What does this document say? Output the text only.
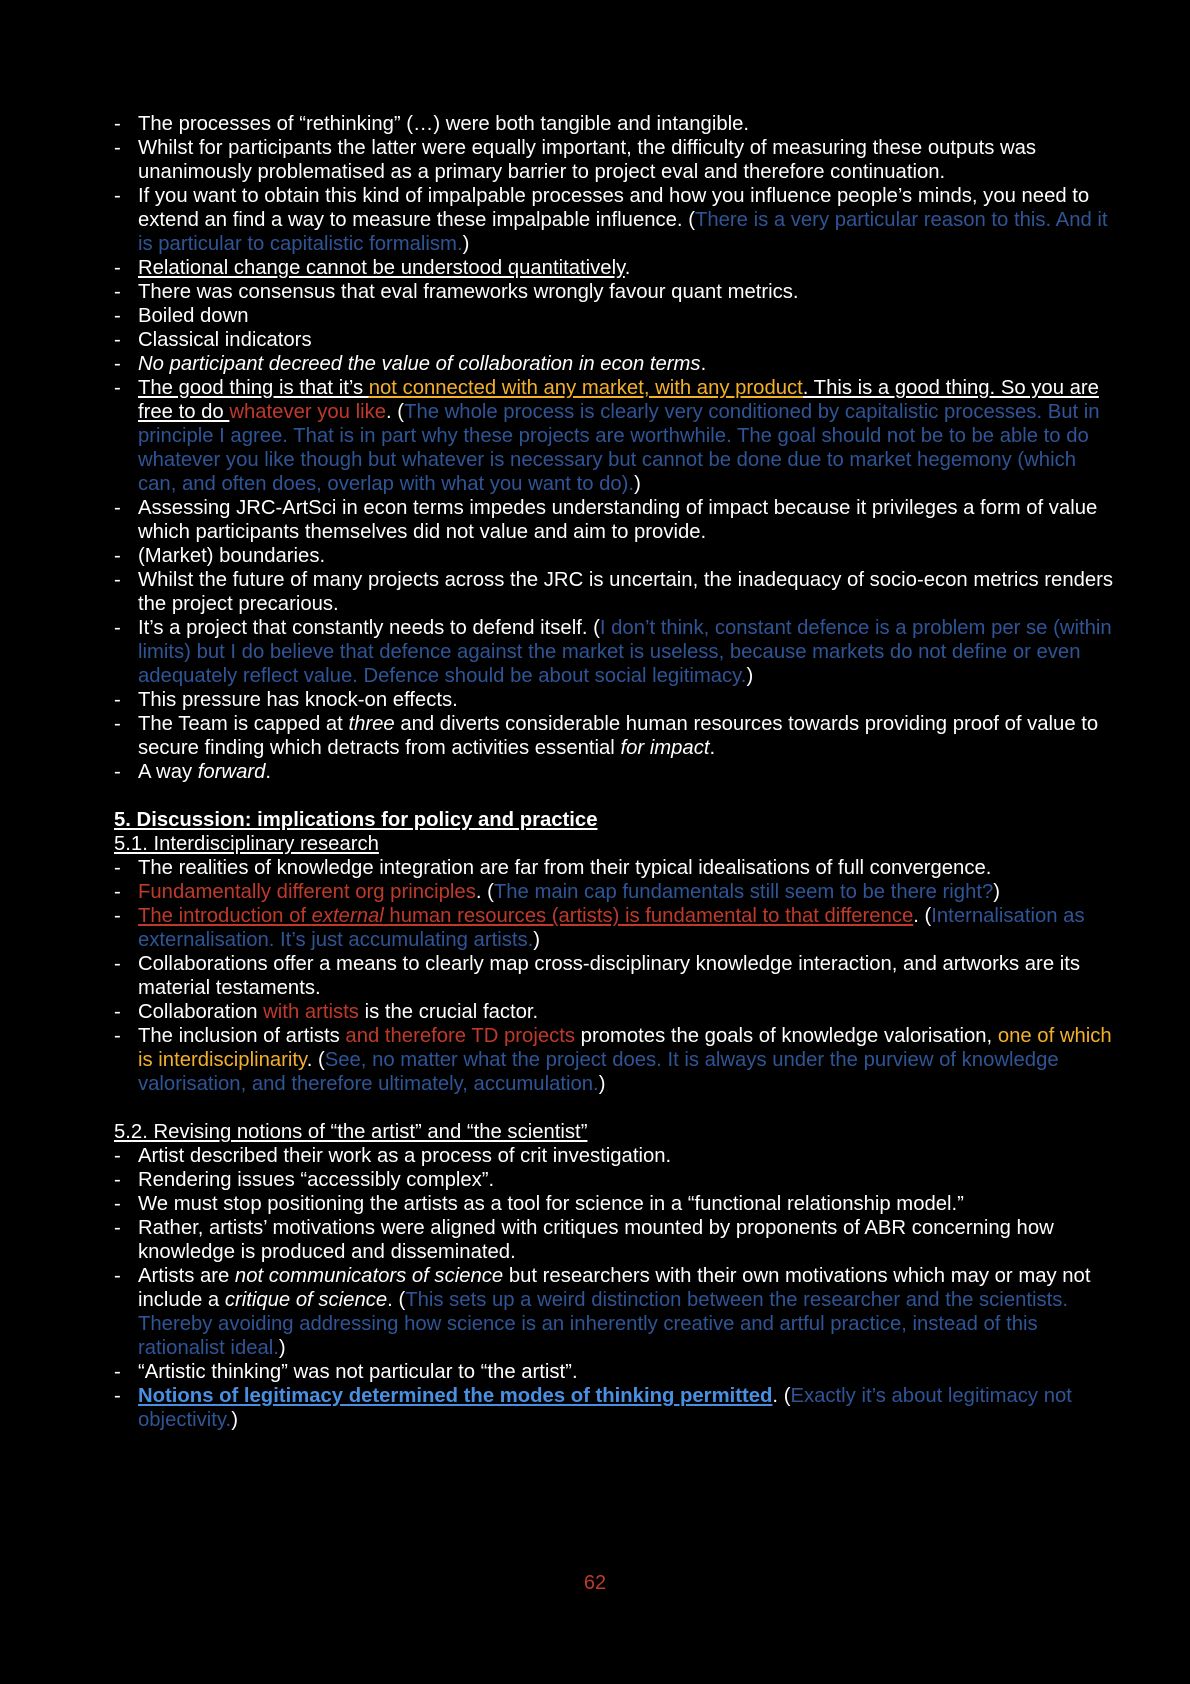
- The processes of “rethinking” (…) were both tangible and intangible.
- Whilst for participants the latter were equally important, the difficulty of measuring these outputs was unanimously problematised as a primary barrier to project eval and therefore continuation.
- If you want to obtain this kind of impalpable processes and how you influence people’s minds, you need to extend an find a way to measure these impalpable influence. (There is a very particular reason to this. And it is particular to capitalistic formalism.)
- Relational change cannot be understood quantitatively.
- There was consensus that eval frameworks wrongly favour quant metrics.
- Boiled down
- Classical indicators
- No participant decreed the value of collaboration in econ terms.
- The good thing is that it’s not connected with any market, with any product. This is a good thing. So you are free to do whatever you like. (The whole process is clearly very conditioned by capitalistic processes. But in principle I agree. That is in part why these projects are worthwhile. The goal should not be to be able to do whatever you like though but whatever is necessary but cannot be done due to market hegemony (which can, and often does, overlap with what you want to do).)
- Assessing JRC-ArtSci in econ terms impedes understanding of impact because it privileges a form of value which participants themselves did not value and aim to provide.
- (Market) boundaries.
- Whilst the future of many projects across the JRC is uncertain, the inadequacy of socio-econ metrics renders the project precarious.
- It’s a project that constantly needs to defend itself. (I don’t think, constant defence is a problem per se (within limits) but I do believe that defence against the market is useless, because markets do not define or even adequately reflect value. Defence should be about social legitimacy.)
- This pressure has knock-on effects.
- The Team is capped at three and diverts considerable human resources towards providing proof of value to secure finding which detracts from activities essential for impact.
- A way forward.
5. Discussion: implications for policy and practice
5.1. Interdisciplinary research
- The realities of knowledge integration are far from their typical idealisations of full convergence.
- Fundamentally different org principles. (The main cap fundamentals still seem to be there right?)
- The introduction of external human resources (artists) is fundamental to that difference. (Internalisation as externalisation. It’s just accumulating artists.)
- Collaborations offer a means to clearly map cross-disciplinary knowledge interaction, and artworks are its material testaments.
- Collaboration with artists is the crucial factor.
- The inclusion of artists and therefore TD projects promotes the goals of knowledge valorisation, one of which is interdisciplinarity. (See, no matter what the project does. It is always under the purview of knowledge valorisation, and therefore ultimately, accumulation.)
5.2. Revising notions of “the artist” and “the scientist”
- Artist described their work as a process of crit investigation.
- Rendering issues “accessibly complex”.
- We must stop positioning the artists as a tool for science in a “functional relationship model.”
- Rather, artists’ motivations were aligned with critiques mounted by proponents of ABR concerning how knowledge is produced and disseminated.
- Artists are not communicators of science but researchers with their own motivations which may or may not include a critique of science. (This sets up a weird distinction between the researcher and the scientists. Thereby avoiding addressing how science is an inherently creative and artful practice, instead of this rationalist ideal.)
- “Artistic thinking” was not particular to “the artist”.
- Notions of legitimacy determined the modes of thinking permitted. (Exactly it’s about legitimacy not objectivity.)
62
